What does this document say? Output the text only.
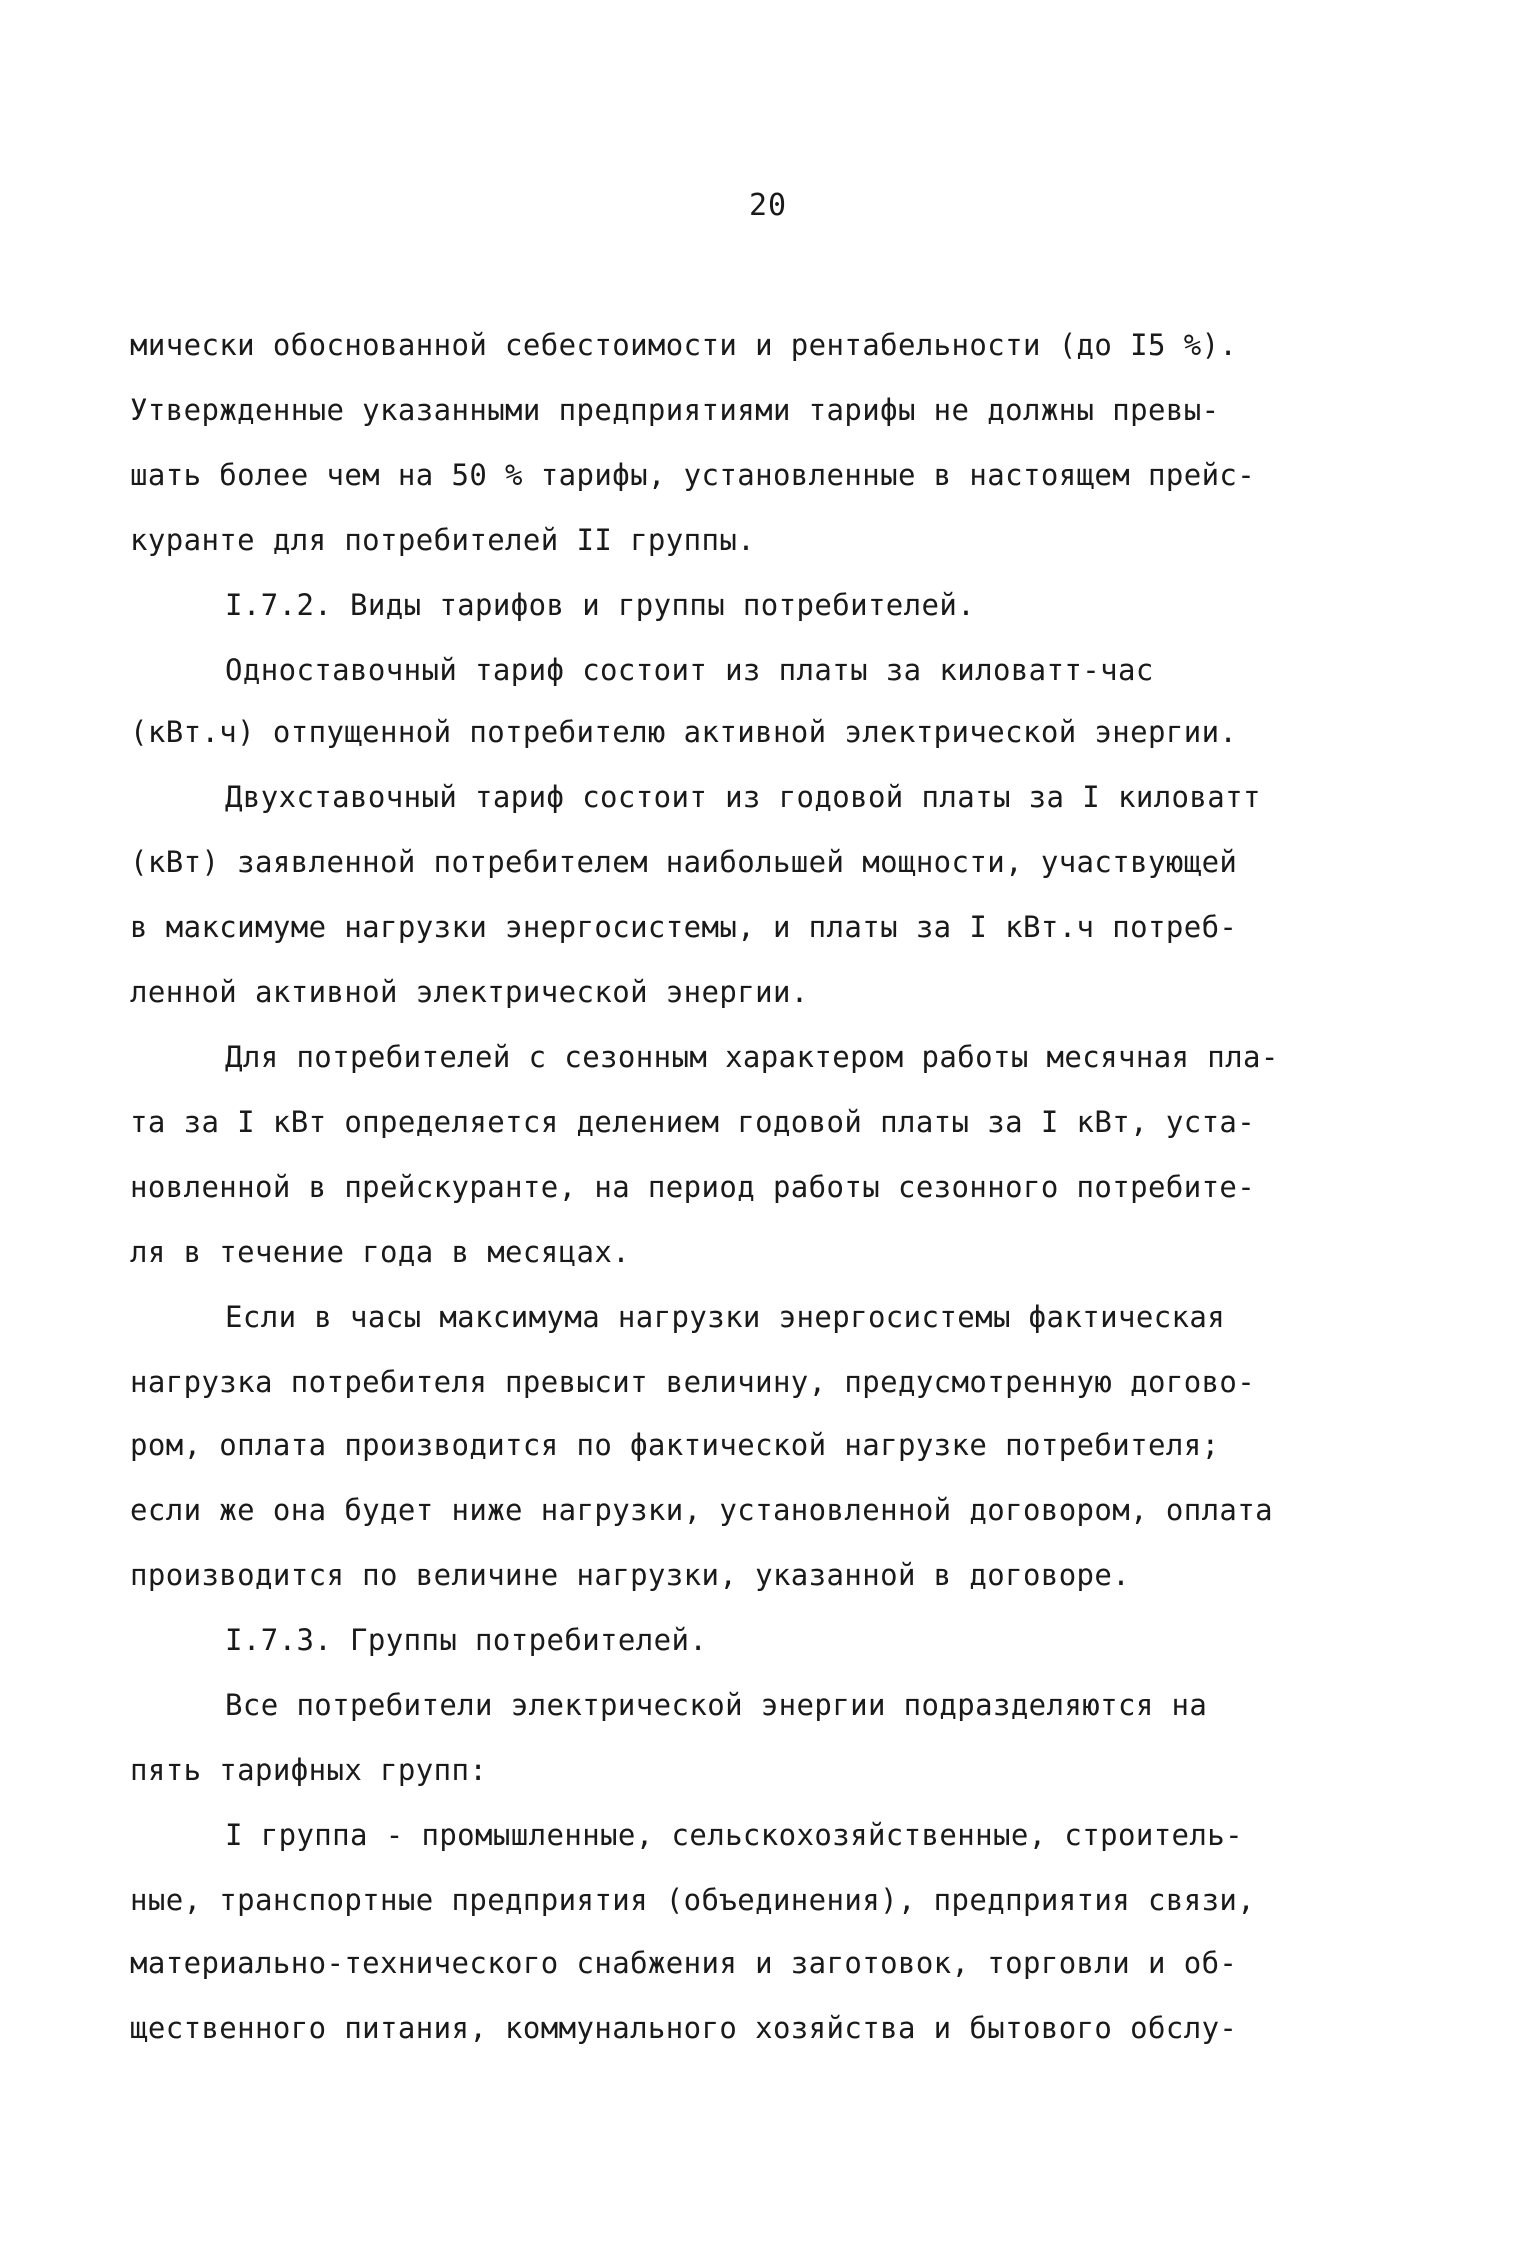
20
мически обоснованной себестоимости и рентабельности (до I5 %).
Утвержденные указанными предприятиями тарифы не должны превы-
шать более чем на 50 % тарифы, установленные в настоящем прейс-
куранте для потребителей II группы.
I.7.2. Виды тарифов и группы потребителей.
Одноставочный тариф состоит из платы за киловатт-час
(кВт.ч) отпущенной потребителю активной электрической энергии.
Двухставочный тариф состоит из годовой платы за I киловатт
(кВт) заявленной потребителем наибольшей мощности, участвующей
в максимуме нагрузки энергосистемы, и платы за I кВт.ч потреб-
ленной активной электрической энергии.
Для потребителей с сезонным характером работы месячная пла-
та за I кВт определяется делением годовой платы за I кВт, уста-
новленной в прейскуранте, на период работы сезонного потребите-
ля в течение года в месяцах.
Если в часы максимума нагрузки энергосистемы фактическая
нагрузка потребителя превысит величину, предусмотренную догово-
ром, оплата производится по фактической нагрузке потребителя;
если же она будет ниже нагрузки, установленной договором, оплата
производится по величине нагрузки, указанной в договоре.
I.7.3. Группы потребителей.
Все потребители электрической энергии подразделяются на
пять тарифных групп:
I группа - промышленные, сельскохозяйственные, строитель-
ные, транспортные предприятия (объединения), предприятия связи,
материально-технического снабжения и заготовок, торговли и об-
щественного питания, коммунального хозяйства и бытового обслу-
